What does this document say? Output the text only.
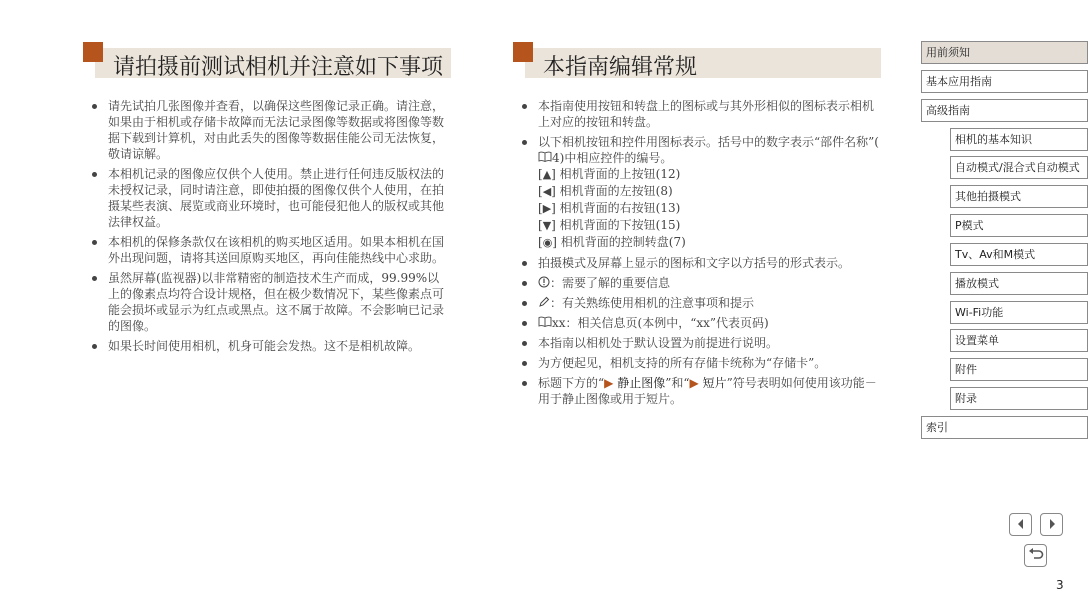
请拍摄前测试相机并注意如下事项
请先试拍几张图像并查看，以确保这些图像记录正确。请注意，如果由于相机或存储卡故障而无法记录图像等数据或将图像等数据下载到计算机，对由此丢失的图像等数据佳能公司无法恢复，敬请谅解。
本相机记录的图像应仅供个人使用。禁止进行任何违反版权法的未授权记录，同时请注意，即使拍摄的图像仅供个人使用，在拍摄某些表演、展览或商业环境时，也可能侵犯他人的版权或其他法律权益。
本相机的保修条款仅在该相机的购买地区适用。如果本相机在国外出现问题，请将其送回原购买地区，再向佳能热线中心求助。
虽然屏幕(监视器)以非常精密的制造技术生产而成，99.99%以上的像素点均符合设计规格，但在极少数情况下，某些像素点可能会损坏或显示为红点或黑点。这不属于故障。不会影响已记录的图像。
如果长时间使用相机，机身可能会发热。这不是相机故障。
本指南编辑常规
本指南使用按钮和转盘上的图标或与其外形相似的图标表示相机上对应的按钮和转盘。
以下相机按钮和控件用图标表示。括号中的数字表示“部件名称”(4)中相应控件的编号。
[▲] 相机背面的上按钮(12)
[◀] 相机背面的左按钮(8)
[▶] 相机背面的右按钮(13)
[▼] 相机背面的下按钮(15)
[◉] 相机背面的控制转盘(7)
拍摄模式及屏幕上显示的图标和文字以方括号的形式表示。
：需要了解的重要信息
：有关熟练使用相机的注意事项和提示
xx：相关信息页(本例中，“xx”代表页码)
本指南以相机处于默认设置为前提进行说明。
为方便起见，相机支持的所有存储卡统称为“存储卡”。
标题下方的“▶ 静止图像”和“▶ 短片”符号表明如何使用该功能－用于静止图像或用于短片。
用前须知
基本应用指南
高级指南
相机的基本知识
自动模式/混合式自动模式
其他拍摄模式
P模式
Tv、Av和M模式
播放模式
Wi-Fi功能
设置菜单
附件
附录
索引
3
